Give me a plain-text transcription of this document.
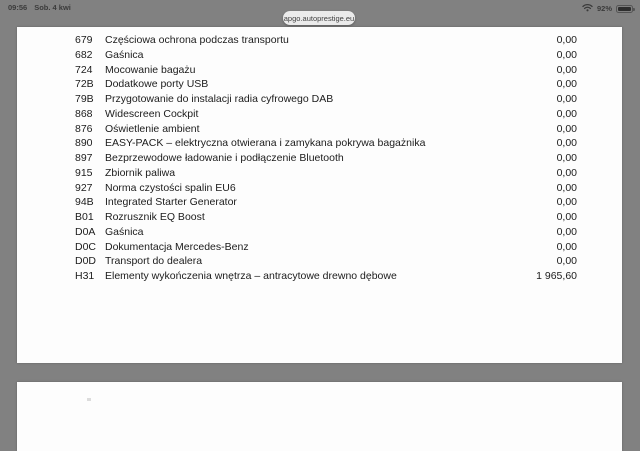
09:56 Sob. 4 kwi	92%
apgo.autoprestige.eu
679 Częściowa ochrona podczas transportu	0,00
682 Gaśnica	0,00
724 Mocowanie bagażu	0,00
72B Dodatkowe porty USB	0,00
79B Przygotowanie do instalacji radia cyfrowego DAB	0,00
868 Widescreen Cockpit	0,00
876 Oświetlenie ambient	0,00
890 EASY-PACK – elektryczna otwierana i zamykana pokrywa bagażnika	0,00
897 Bezprzewodowe ładowanie i podłączenie Bluetooth	0,00
915 Zbiornik paliwa	0,00
927 Norma czystości spalin EU6	0,00
94B Integrated Starter Generator	0,00
B01 Rozrusznik EQ Boost	0,00
D0A Gaśnica	0,00
D0C Dokumentacja Mercedes-Benz	0,00
D0D Transport do dealera	0,00
H31 Elementy wykończenia wnętrza – antracytowe drewno dębowe	1 965,60
